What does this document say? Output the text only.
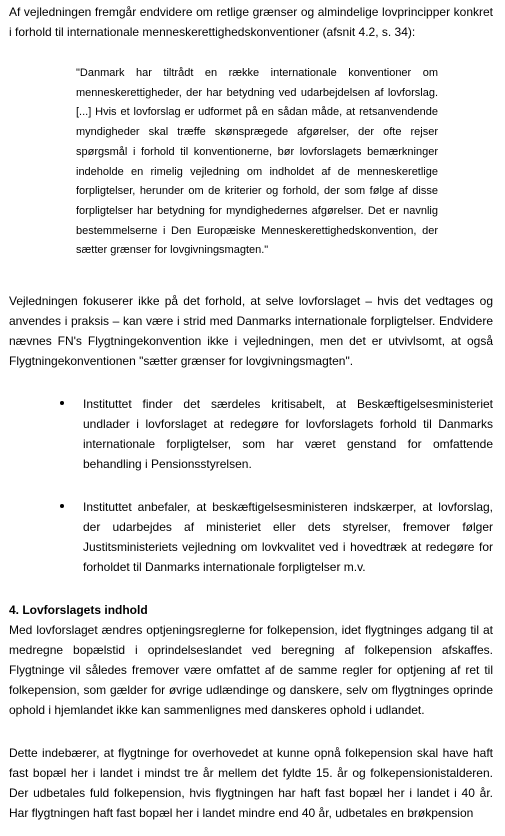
Af vejledningen fremgår endvidere om retlige grænser og almindelige lovprincipper konkret i forhold til internationale menneskerettighedskonventioner (afsnit 4.2, s. 34):

"Danmark har tiltrådt en række internationale konventioner om menneskerettigheder, der har betydning ved udarbejdelsen af lovforslag. [...] Hvis et lovforslag er udformet på en sådan måde, at retsanvendende myndigheder skal træffe skønsprægede afgørelser, der ofte rejser spørgsmål i forhold til konventionerne, bør lovforslagets bemærkninger indeholde en rimelig vejledning om indholdet af de menneskeretlige forpligtelser, herunder om de kriterier og forhold, der som følge af disse forpligtelser har betydning for myndighedernes afgørelser. Det er navnlig bestemmelserne i Den Europæiske Menneskerettighedskonvention, der sætter grænser for lovgivningsmagten."

Vejledningen fokuserer ikke på det forhold, at selve lovforslaget – hvis det vedtages og anvendes i praksis – kan være i strid med Danmarks internationale forpligtelser. Endvidere nævnes FN's Flygtningekonvention ikke i vejledningen, men det er utvivlsomt, at også Flygtningekonventionen "sætter grænser for lovgivningsmagten".

Instituttet finder det særdeles kritisabelt, at Beskæftigelsesministeriet undlader i lovforslaget at redegøre for lovforslagets forhold til Danmarks internationale forpligtelser, som har været genstand for omfattende behandling i Pensionsstyrelsen.

Instituttet anbefaler, at beskæftigelsesministeren indskærper, at lovforslag, der udarbejdes af ministeriet eller dets styrelser, fremover følger Justitsministeriets vejledning om lovkvalitet ved i hovedtræk at redegøre for forholdet til Danmarks internationale forpligtelser m.v.

4. Lovforslagets indhold

Med lovforslaget ændres optjeningsreglerne for folkepension, idet flygtninges adgang til at medregne bopælstid i oprindelseslandet ved beregning af folkepension afskaffes. Flygtninge vil således fremover være omfattet af de samme regler for optjening af ret til folkepension, som gælder for øvrige udlændinge og danskere, selv om flygtninges oprinde ophold i hjemlandet ikke kan sammenlignes med danskeres ophold i udlandet.

Dette indebærer, at flygtninge for overhovedet at kunne opnå folkepension skal have haft fast bopæl her i landet i mindst tre år mellem det fyldte 15. år og folkepensionistalderen. Der udbetales fuld folkepension, hvis flygtningen har haft fast bopæl her i landet i 40 år. Har flygtningen haft fast bopæl her i landet mindre end 40 år, udbetales en brøkpension
